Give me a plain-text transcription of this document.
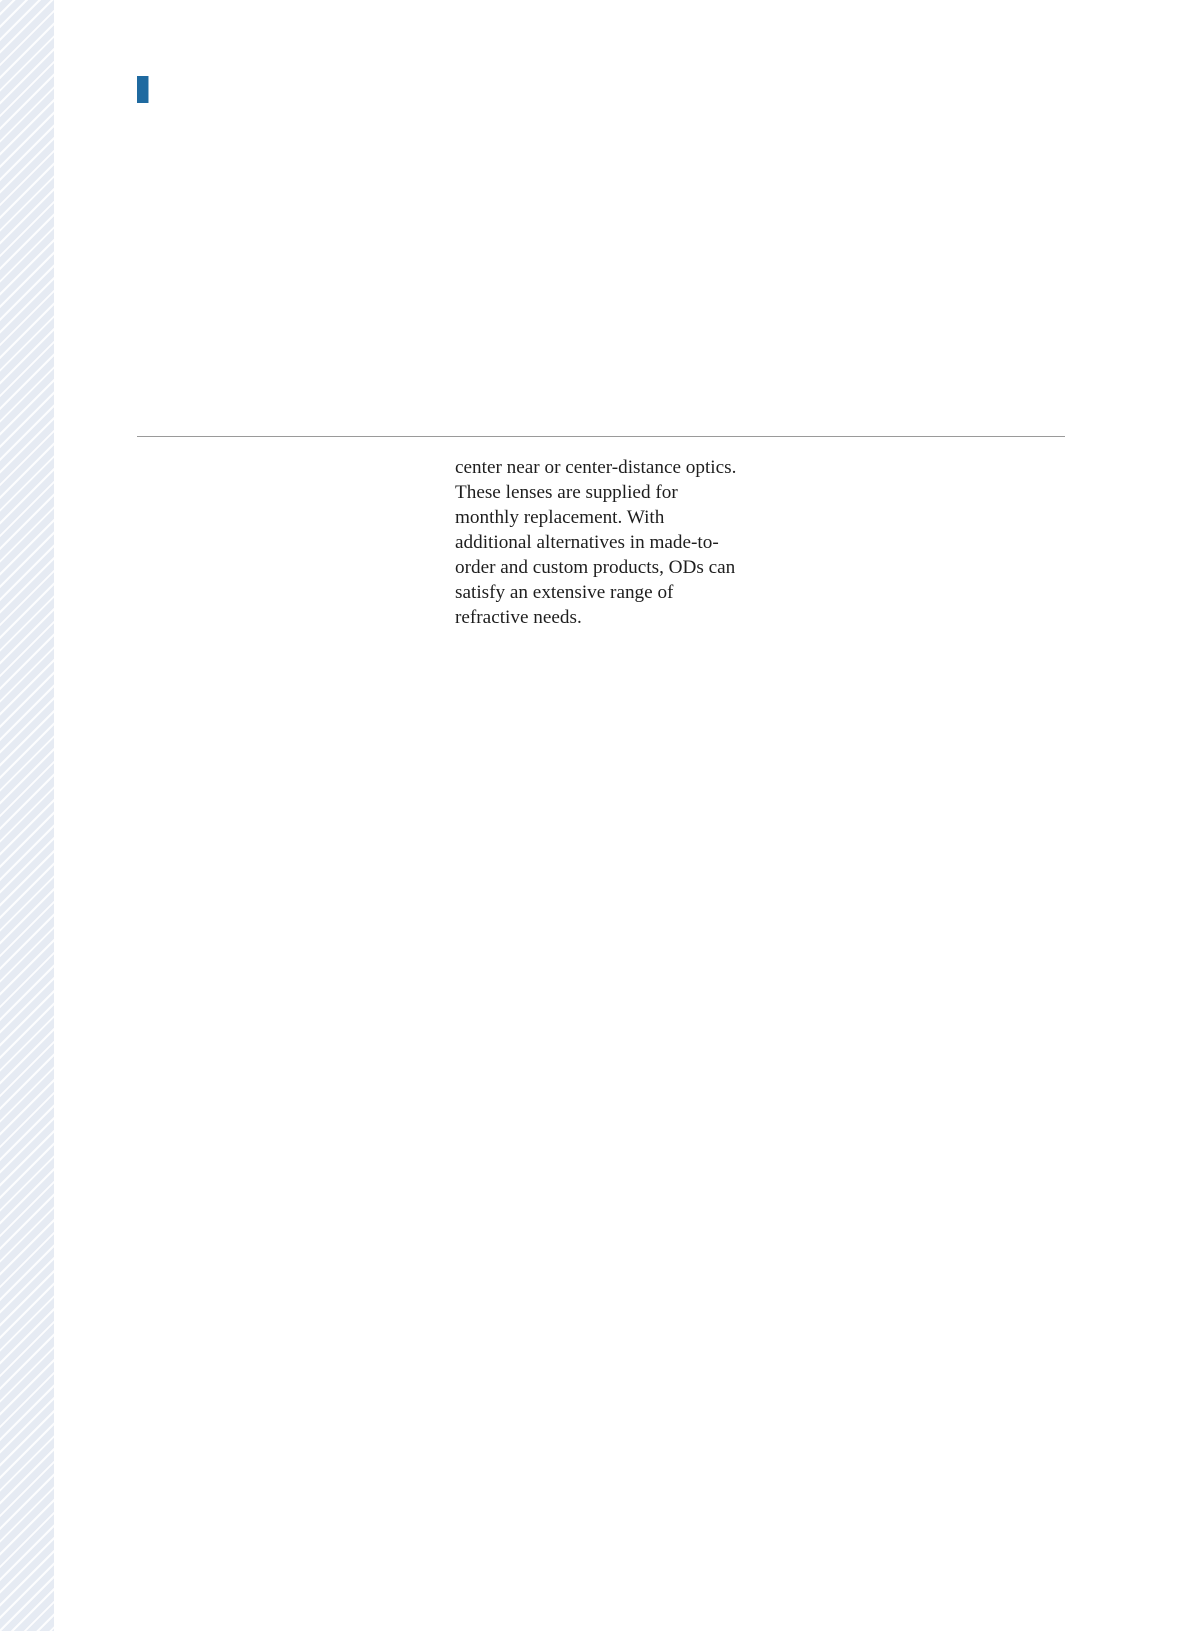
center near or center-distance optics. These lenses are supplied for monthly replacement. With additional alternatives in made-to-order and custom products, ODs can satisfy an extensive range of refractive needs.
